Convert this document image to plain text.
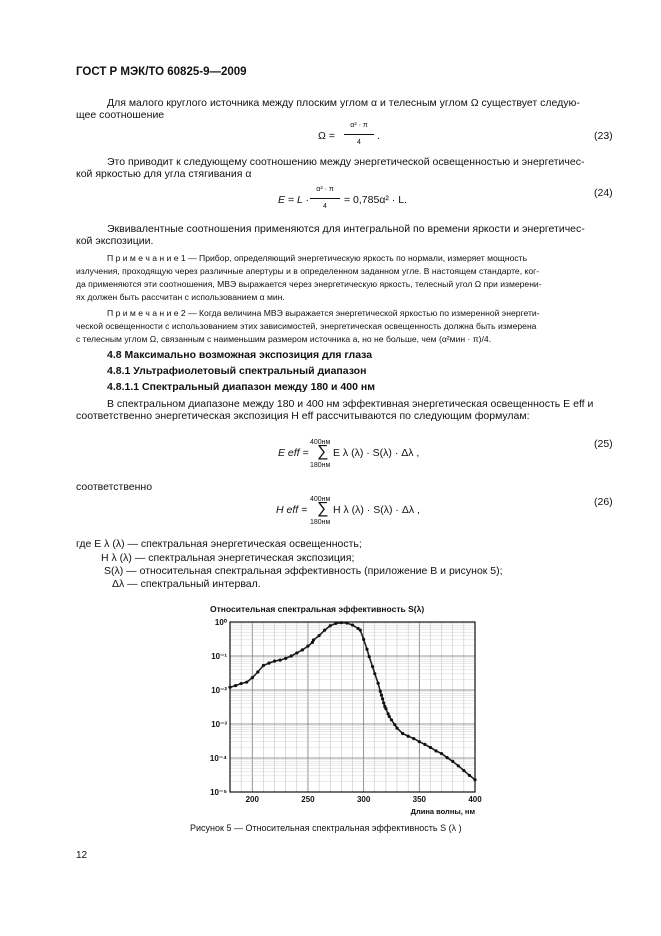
ГОСТ Р МЭК/ТО 60825-9—2009
Для малого круглого источника между плоским углом α и телесным углом Ω существует следую-
щее соотношение
Ω =
α² · π
4
.	(23)
Это приводит к следующему соотношению между энергетической освещенностью и энергетичес-
кой яркостью для угла стягивания α
E = L ·
α² · π
4
= 0,785α² · L.
(24)
Эквивалентные соотношения применяются для интегральной по времени яркости и энергетичес-
кой экспозиции.
П р и м е ч а н и е 1 — Прибор, определяющий энергетическую яркость по нормали, измеряет мощность
излучения, проходящую через различные апертуры и в определенном заданном угле. В настоящем стандарте, ког-
да применяются эти соотношения, МВЭ выражается через энергетическую яркость, телесный угол Ω при измерени-
ях должен быть рассчитан с использованием α мин.
П р и м е ч а н и е 2 — Когда величина МВЭ выражается энергетической яркостью по измеренной энергети-
ческой освещенности с использованием этих зависимостей, энергетическая освещенность должна быть измерена
с телесным углом Ω, связанным с наименьшим размером источника a, но не больше, чем (α²мин · π)/4.
4.8 Максимально возможная экспозиция для глаза
4.8.1 Ультрафиолетовый спектральный диапазон
4.8.1.1 Спектральный диапазон между 180 и 400 нм
В спектральном диапазоне между 180 и 400 нм эффективная энергетическая освещенность E eff и
соответственно энергетическая экспозиция H eff рассчитываются по следующим формулам:
E eff =
400нм
∑
180нм
E λ (λ) · S(λ) · Δλ ,
(25)
соответственно
H eff =
400нм
∑
180нм
H λ (λ) · S(λ) · Δλ ,
(26)
где E λ (λ) — спектральная энергетическая освещенность;
H λ (λ) — спектральная энергетическая экспозиция;
S(λ) — относительная спектральная эффективность (приложение В и рисунок 5);
Δλ — спектральный интервал.
Относительная спектральная эффективность S(λ)
10⁰
10⁻¹
10⁻²
10⁻³
10⁻⁴
10⁻⁵
200	250	300	350	400
Длина волны, нм
Рисунок 5 — Относительная спектральная эффективность S (λ )
12
